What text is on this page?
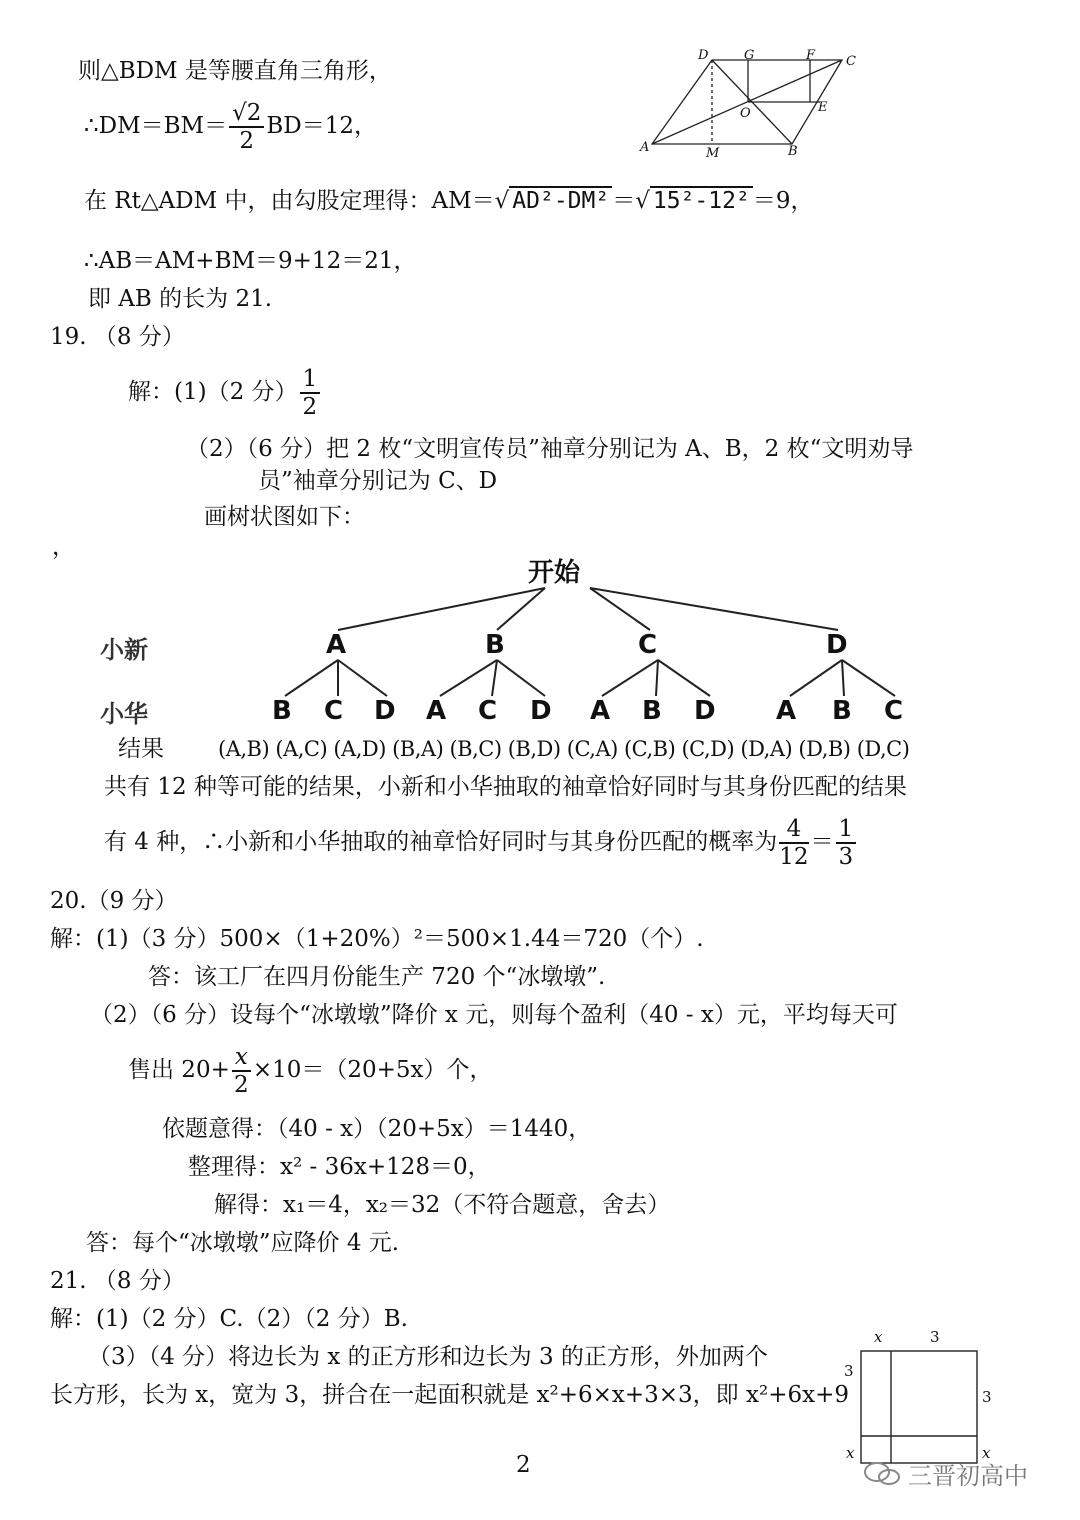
则△BDM 是等腰直角三角形，
∴DM＝BM＝ $\frac{√2}{2} BD=12$，
在 Rt△ADM 中，由勾股定理得：AM＝√ AD²-DM² ＝√ 15²-12² ＝9，
∴AB＝AM+BM＝9+12＝21，
即 AB 的长为 21.
D	G	F C
O	E
A	M	B
19. （8 分）
解：(1)（2 分） $\frac{1}{2}$
（2）（6 分）把 2 枚“文明宣传员”袖章分别记为 A、B，2 枚“文明劝导
员”袖章分别记为 C、D
画树状图如下：
，
开始
小新
小华
A	B	C	D
B C D A C D A B D A B C
结果	(A,B) (A,C) (A,D) (B,A) (B,C) (B,D) (C,A) (C,B) (C,D) (D,A) (D,B) (D,C)
共有 12 种等可能的结果，小新和小华抽取的袖章恰好同时与其身份匹配的结果
有 4 种，∴小新和小华抽取的袖章恰好同时与其身份匹配的概率为 $\frac{4}{12} = \frac{1}{3}$
20.（9 分）
解：(1)（3 分）500×（1+20%）²＝500×1.44＝720（个）.
答：该工厂在四月份能生产 720 个“冰墩墩”.
（2）（6 分）设每个“冰墩墩”降价 x 元，则每个盈利（40 - x）元，平均每天可
售出 $20+ \frac{x}{2} \times 10=(20+5x)$个，
依题意得：（40 - x）（20+5x）＝1440，
整理得：x² - 36x+128＝0，
解得：x₁＝4，x₂＝32（不符合题意，舍去）
答：每个“冰墩墩”应降价 4 元.
21. （8 分）
解：(1)（2 分）C.（2）（2 分）B.
（3）（4 分）将边长为 x 的正方形和边长为 3 的正方形，外加两个
长方形，长为 x，宽为 3，拼合在一起面积就是 x²+6×x+3×3，即 x²+6x+9
x	3
3
3
x	x
2	三晋初高中
